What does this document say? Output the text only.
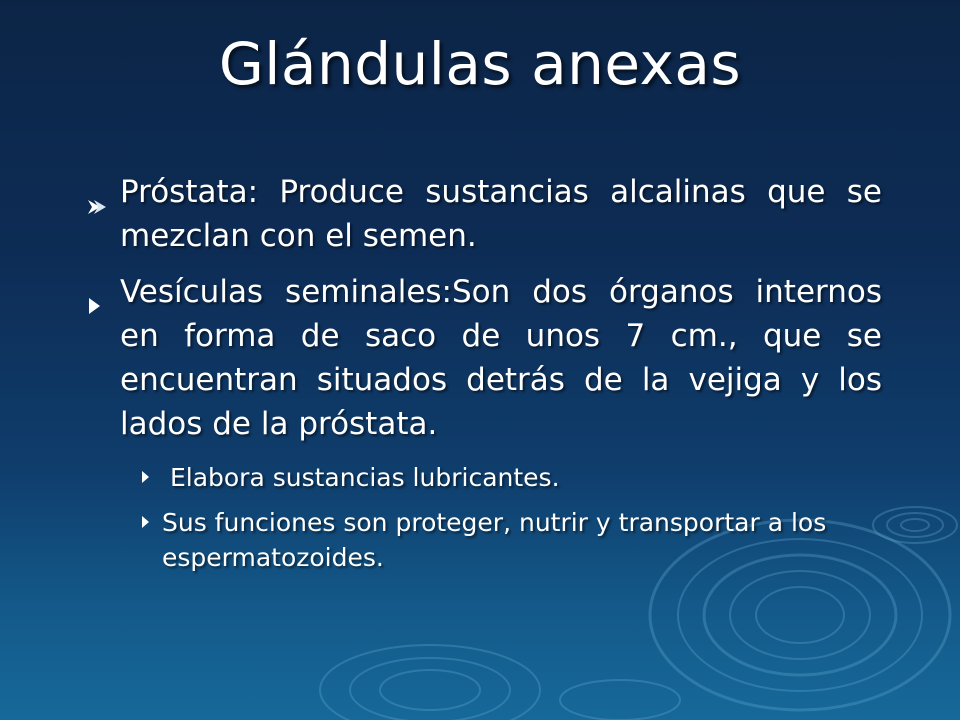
Glándulas anexas
Próstata: Produce sustancias alcalinas que se mezclan con el semen.
Vesículas seminales:Son dos órganos internos en forma de saco de unos 7 cm., que se encuentran situados detrás de la vejiga y los lados de la próstata.
Elabora sustancias lubricantes.
Sus funciones son proteger, nutrir y transportar a los espermatozoides.
